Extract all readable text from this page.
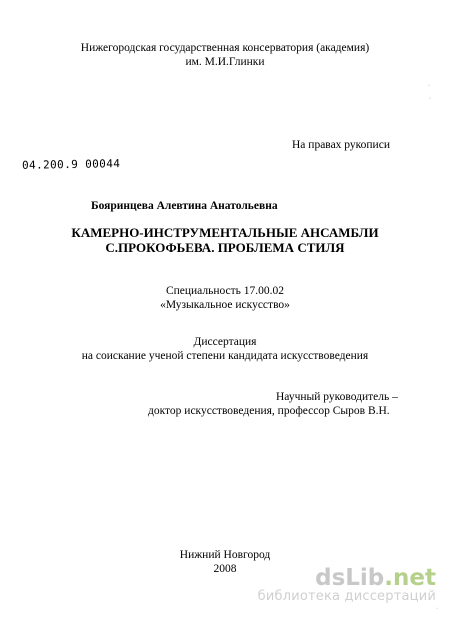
Нижегородская государственная консерватория (академия)
им. М.И.Глинки
·
·
На правах рукописи
04.200.9 00044
Бояринцева Алевтина Анатольевна
КАМЕРНО-ИНСТРУМЕНТАЛЬНЫЕ АНСАМБЛИ
С.ПРОКОФЬЕВА. ПРОБЛЕМА СТИЛЯ
Специальность 17.00.02
«Музыкальное искусство»
Диссертация
на соискание ученой степени кандидата искусствоведения
Научный руководитель –
доктор искусствоведения, профессор Сыров В.Н.
Нижний Новгород
2008	dsLib.net
библиотека диссертаций
·
